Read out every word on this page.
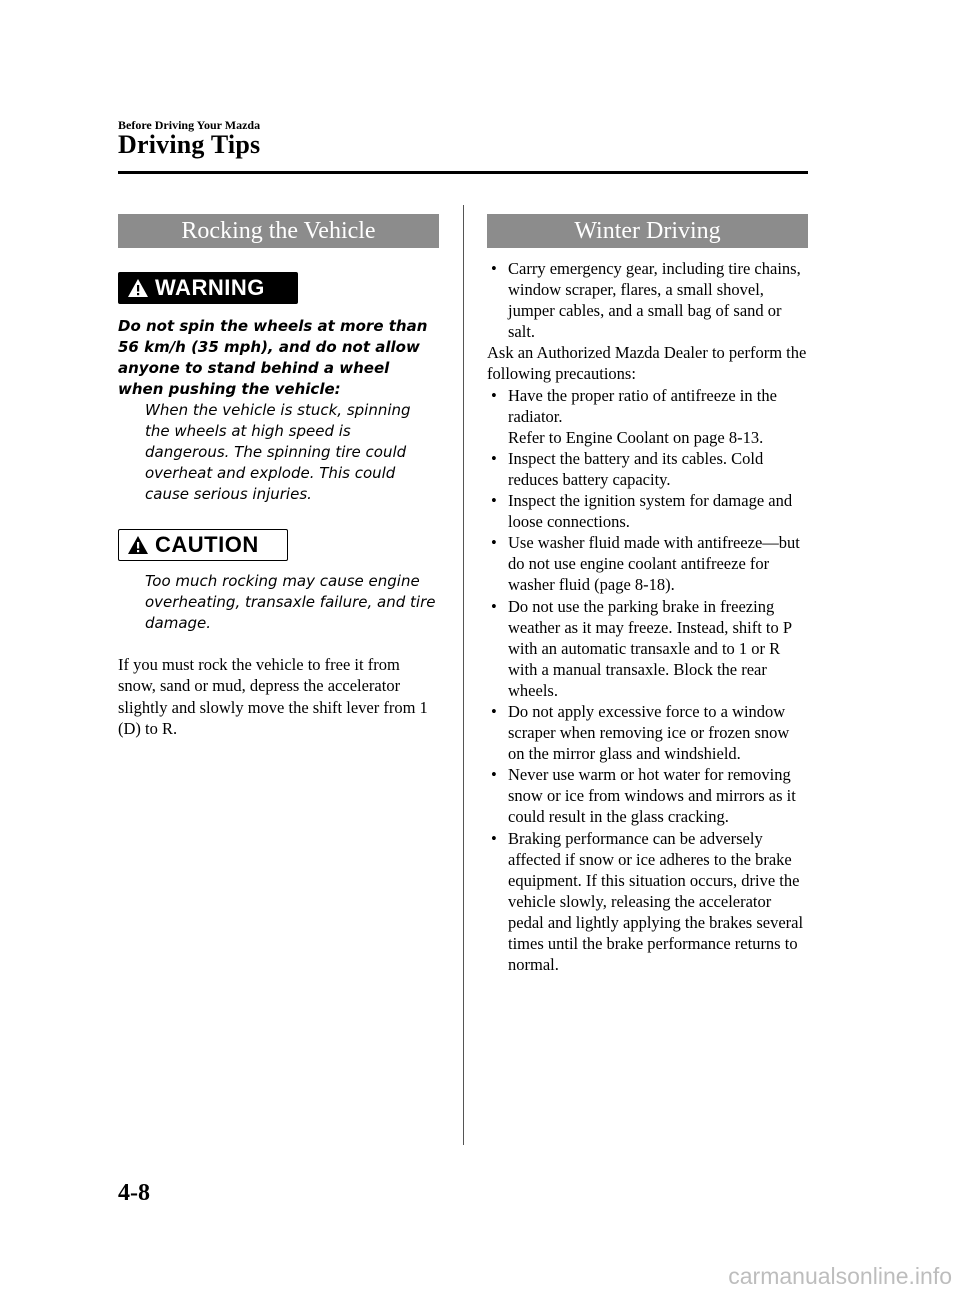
Before Driving Your Mazda
Driving Tips
Rocking the Vehicle
WARNING
Do not spin the wheels at more than 56 km/h (35 mph), and do not allow anyone to stand behind a wheel when pushing the vehicle:
When the vehicle is stuck, spinning the wheels at high speed is dangerous. The spinning tire could overheat and explode. This could cause serious injuries.
CAUTION
Too much rocking may cause engine overheating, transaxle failure, and tire damage.
If you must rock the vehicle to free it from snow, sand or mud, depress the accelerator slightly and slowly move the shift lever from 1 (D) to R.
Winter Driving
• Carry emergency gear, including tire chains, window scraper, flares, a small shovel, jumper cables, and a small bag of sand or salt.
Ask an Authorized Mazda Dealer to perform the following precautions:
• Have the proper ratio of antifreeze in the radiator.
Refer to Engine Coolant on page 8-13.
• Inspect the battery and its cables. Cold reduces battery capacity.
• Inspect the ignition system for damage and loose connections.
• Use washer fluid made with antifreeze―but do not use engine coolant antifreeze for washer fluid (page 8-18).
• Do not use the parking brake in freezing weather as it may freeze. Instead, shift to P with an automatic transaxle and to 1 or R with a manual transaxle. Block the rear wheels.
• Do not apply excessive force to a window scraper when removing ice or frozen snow on the mirror glass and windshield.
• Never use warm or hot water for removing snow or ice from windows and mirrors as it could result in the glass cracking.
• Braking performance can be adversely affected if snow or ice adheres to the brake equipment. If this situation occurs, drive the vehicle slowly, releasing the accelerator pedal and lightly applying the brakes several times until the brake performance returns to normal.
4-8
carmanualsonline.info
